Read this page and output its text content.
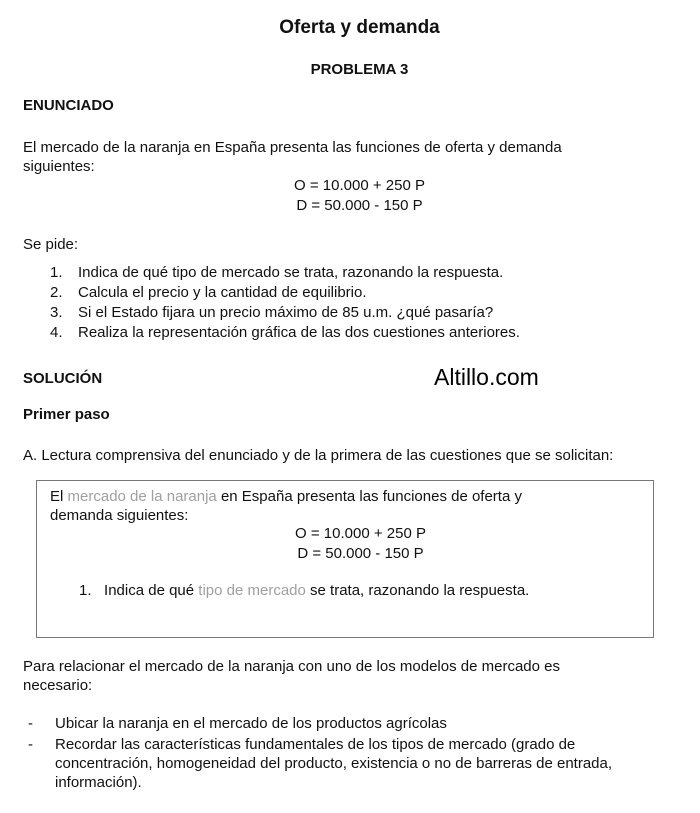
Oferta y demanda
PROBLEMA 3
ENUNCIADO
El mercado de la naranja en España presenta las funciones de oferta y demanda
siguientes:
O = 10.000 + 250 P
D = 50.000 - 150 P
Se pide:
1. Indica de qué tipo de mercado se trata, razonando la respuesta.
2. Calcula el precio y la cantidad de equilibrio.
3. Si el Estado fijara un precio máximo de 85 u.m. ¿qué pasaría?
4. Realiza la representación gráfica de las dos cuestiones anteriores.
SOLUCIÓN	Altillo.com
Primer paso
A. Lectura comprensiva del enunciado y de la primera de las cuestiones que se solicitan:
El mercado de la naranja en España presenta las funciones de oferta y
demanda siguientes:
O = 10.000 + 250 P
D = 50.000 - 150 P
1. Indica de qué tipo de mercado se trata, razonando la respuesta.
Para relacionar el mercado de la naranja con uno de los modelos de mercado es
necesario:
- Ubicar la naranja en el mercado de los productos agrícolas
- Recordar las características fundamentales de los tipos de mercado (grado de
concentración, homogeneidad del producto, existencia o no de barreras de entrada,
información).
